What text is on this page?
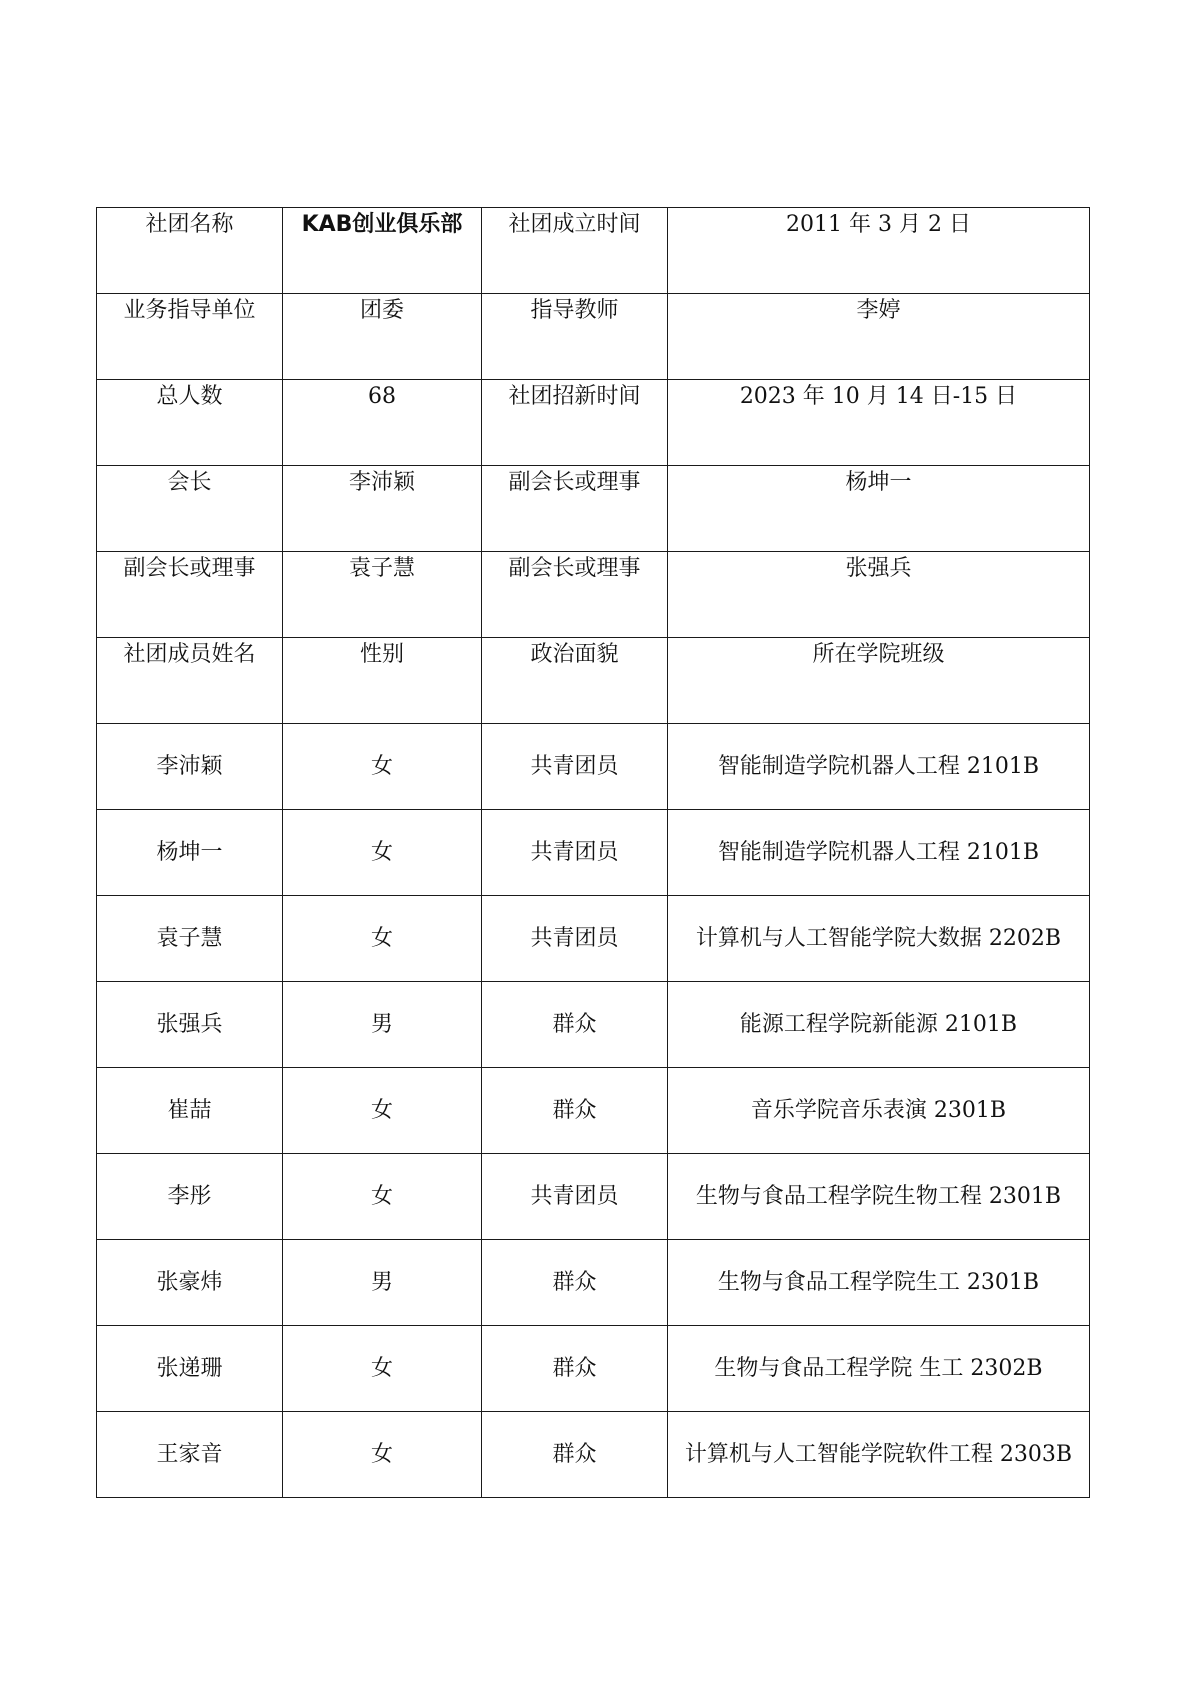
社团名称	KAB创业俱乐部	社团成立时间	2011 年 3 月 2 日
业务指导单位	团委	指导教师	李婷
总人数	68	社团招新时间	2023 年 10 月 14 日-15 日
会长	李沛颖	副会长或理事	杨坤一
副会长或理事	袁子慧	副会长或理事	张强兵
社团成员姓名	性别	政治面貌	所在学院班级
李沛颖	女	共青团员	智能制造学院机器人工程 2101B
杨坤一	女	共青团员	智能制造学院机器人工程 2101B
袁子慧	女	共青团员	计算机与人工智能学院大数据 2202B
张强兵	男	群众	能源工程学院新能源 2101B
崔喆	女	群众	音乐学院音乐表演 2301B
李彤	女	共青团员	生物与食品工程学院生物工程 2301B
张豪炜	男	群众	生物与食品工程学院生工 2301B
张递珊	女	群众	生物与食品工程学院 生工 2302B
王家音	女	群众	计算机与人工智能学院软件工程 2303B
